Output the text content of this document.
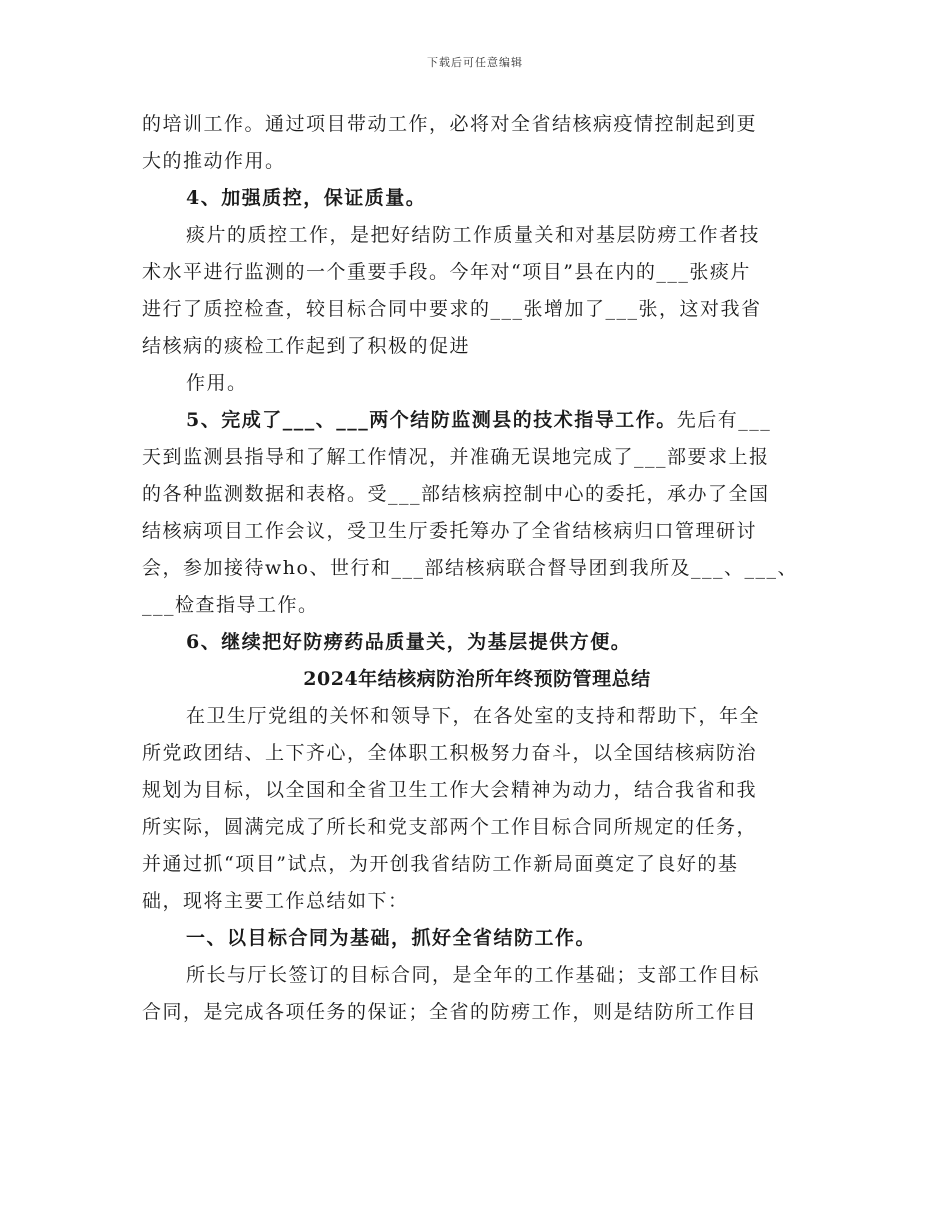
下载后可任意编辑
的培训工作。通过项目带动工作，必将对全省结核病疫情控制起到更
大的推动作用。
4、加强质控，保证质量。
痰片的质控工作，是把好结防工作质量关和对基层防痨工作者技
术水平进行监测的一个重要手段。今年对“项目”县在内的___张痰片
进行了质控检查，较目标合同中要求的___张增加了___张，这对我省
结核病的痰检工作起到了积极的促进
作用。
5、完成了___、___两个结防监测县的技术指导工作。先后有___
天到监测县指导和了解工作情况，并准确无误地完成了___部要求上报
的各种监测数据和表格。受___部结核病控制中心的委托，承办了全国
结核病项目工作会议，受卫生厅委托筹办了全省结核病归口管理研讨
会，参加接待who、世行和___部结核病联合督导团到我所及___、___、
___检查指导工作。
6、继续把好防痨药品质量关，为基层提供方便。
2024年结核病防治所年终预防管理总结
在卫生厅党组的关怀和领导下，在各处室的支持和帮助下，年全
所党政团结、上下齐心，全体职工积极努力奋斗，以全国结核病防治
规划为目标，以全国和全省卫生工作大会精神为动力，结合我省和我
所实际，圆满完成了所长和党支部两个工作目标合同所规定的任务，
并通过抓“项目”试点，为开创我省结防工作新局面奠定了良好的基
础，现将主要工作总结如下：
一、以目标合同为基础，抓好全省结防工作。
所长与厅长签订的目标合同，是全年的工作基础；支部工作目标
合同，是完成各项任务的保证；全省的防痨工作，则是结防所工作目
